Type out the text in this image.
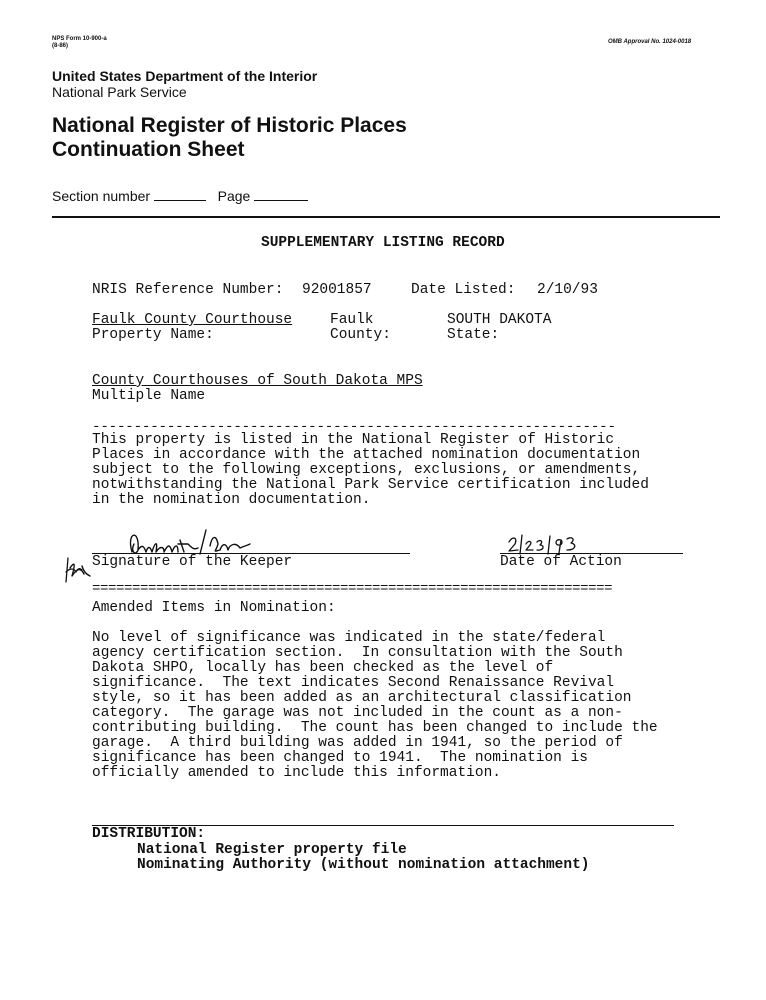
NPS Form 10-900-a
(8-86)
OMB Approval No. 1024-0018
United States Department of the Interior
National Park Service
National Register of Historic Places
Continuation Sheet
Section number	Page
SUPPLEMENTARY LISTING RECORD
NRIS Reference Number: 92001857	Date Listed: 2/10/93
Faulk County Courthouse	Faulk	SOUTH DAKOTA
Property Name:	County:	State:
County Courthouses of South Dakota MPS
Multiple Name
---------------------------------------------------------------
This property is listed in the National Register of Historic
Places in accordance with the attached nomination documentation
subject to the following exceptions, exclusions, or amendments,
notwithstanding the National Park Service certification included
in the nomination documentation.
2/23/93
Signature of the Keeper	Date of Action
=================================================================
Amended Items in Nomination:
No level of significance was indicated in the state/federal
agency certification section.  In consultation with the South
Dakota SHPO, locally has been checked as the level of
significance.  The text indicates Second Renaissance Revival
style, so it has been added as an architectural classification
category.  The garage was not included in the count as a non-
contributing building.  The count has been changed to include the
garage.  A third building was added in 1941, so the period of
significance has been changed to 1941.  The nomination is
officially amended to include this information.
DISTRIBUTION:
National Register property file
Nominating Authority (without nomination attachment)
